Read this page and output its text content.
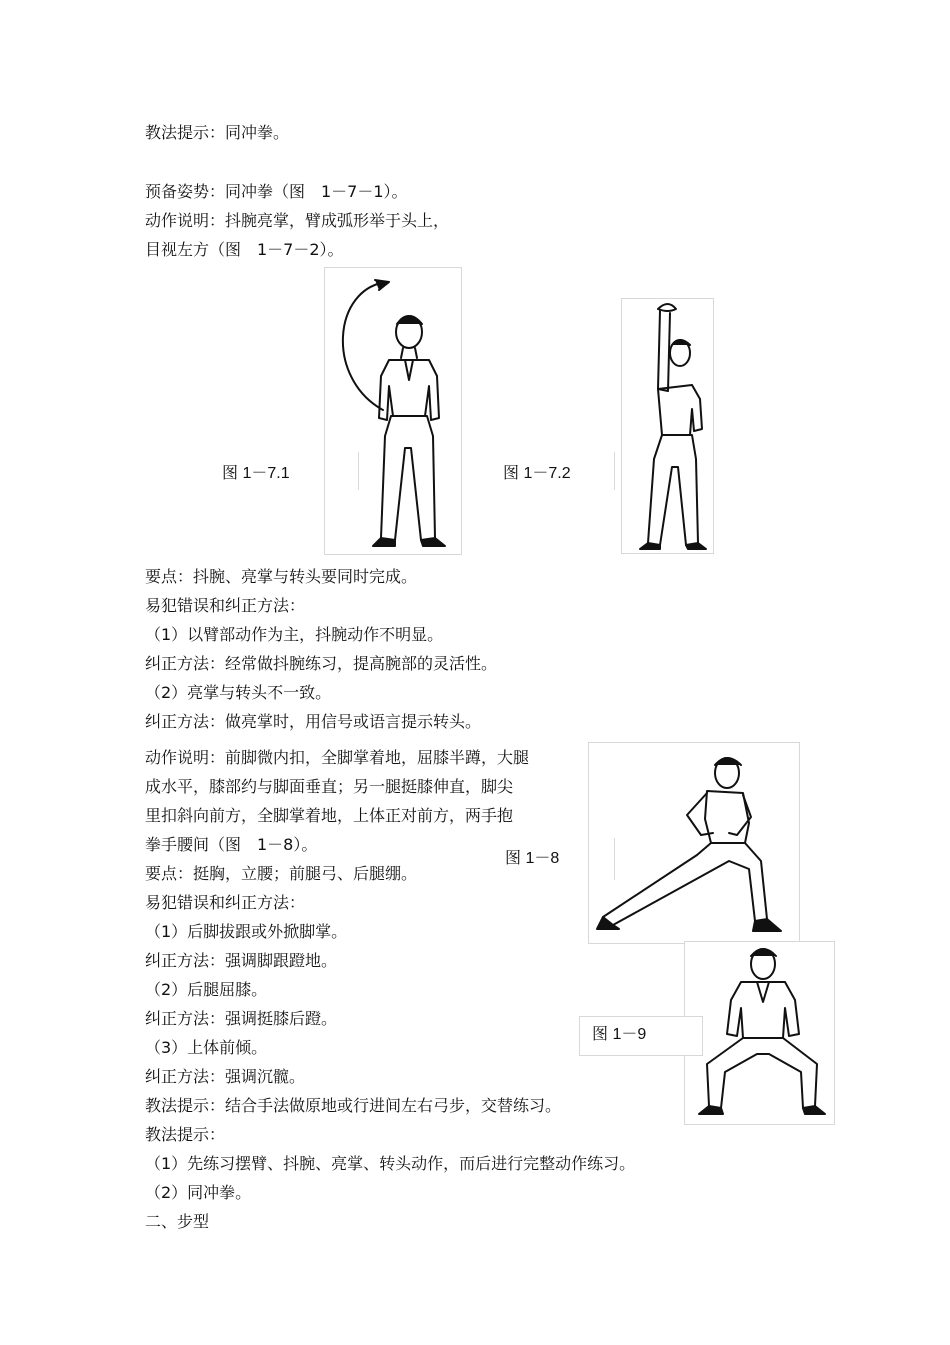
教法提示：同冲拳。
预备姿势：同冲拳（图　1－7－1）。
动作说明：抖腕亮掌，臂成弧形举于头上，
目视左方（图　1－7－2）。
图 1－7.1	图 1－7.2
要点：抖腕、亮掌与转头要同时完成。
易犯错误和纠正方法：
（1）以臂部动作为主，抖腕动作不明显。
纠正方法：经常做抖腕练习，提高腕部的灵活性。
（2）亮掌与转头不一致。
纠正方法：做亮掌时，用信号或语言提示转头。
动作说明：前脚微内扣，全脚掌着地，屈膝半蹲，大腿
成水平，膝部约与脚面垂直；另一腿挺膝伸直，脚尖
里扣斜向前方，全脚掌着地，上体正对前方，两手抱
拳手腰间（图　1－8）。
要点：挺胸，立腰；前腿弓、后腿绷。
易犯错误和纠正方法：
（1）后脚拔跟或外掀脚掌。
纠正方法：强调脚跟蹬地。
（2）后腿屈膝。
纠正方法：强调挺膝后蹬。
（3）上体前倾。
纠正方法：强调沉髋。
教法提示：结合手法做原地或行进间左右弓步，交替练习。
教法提示：
（1）先练习摆臂、抖腕、亮掌、转头动作，而后进行完整动作练习。
（2）同冲拳。
二、步型
图 1－8
图 1－9
